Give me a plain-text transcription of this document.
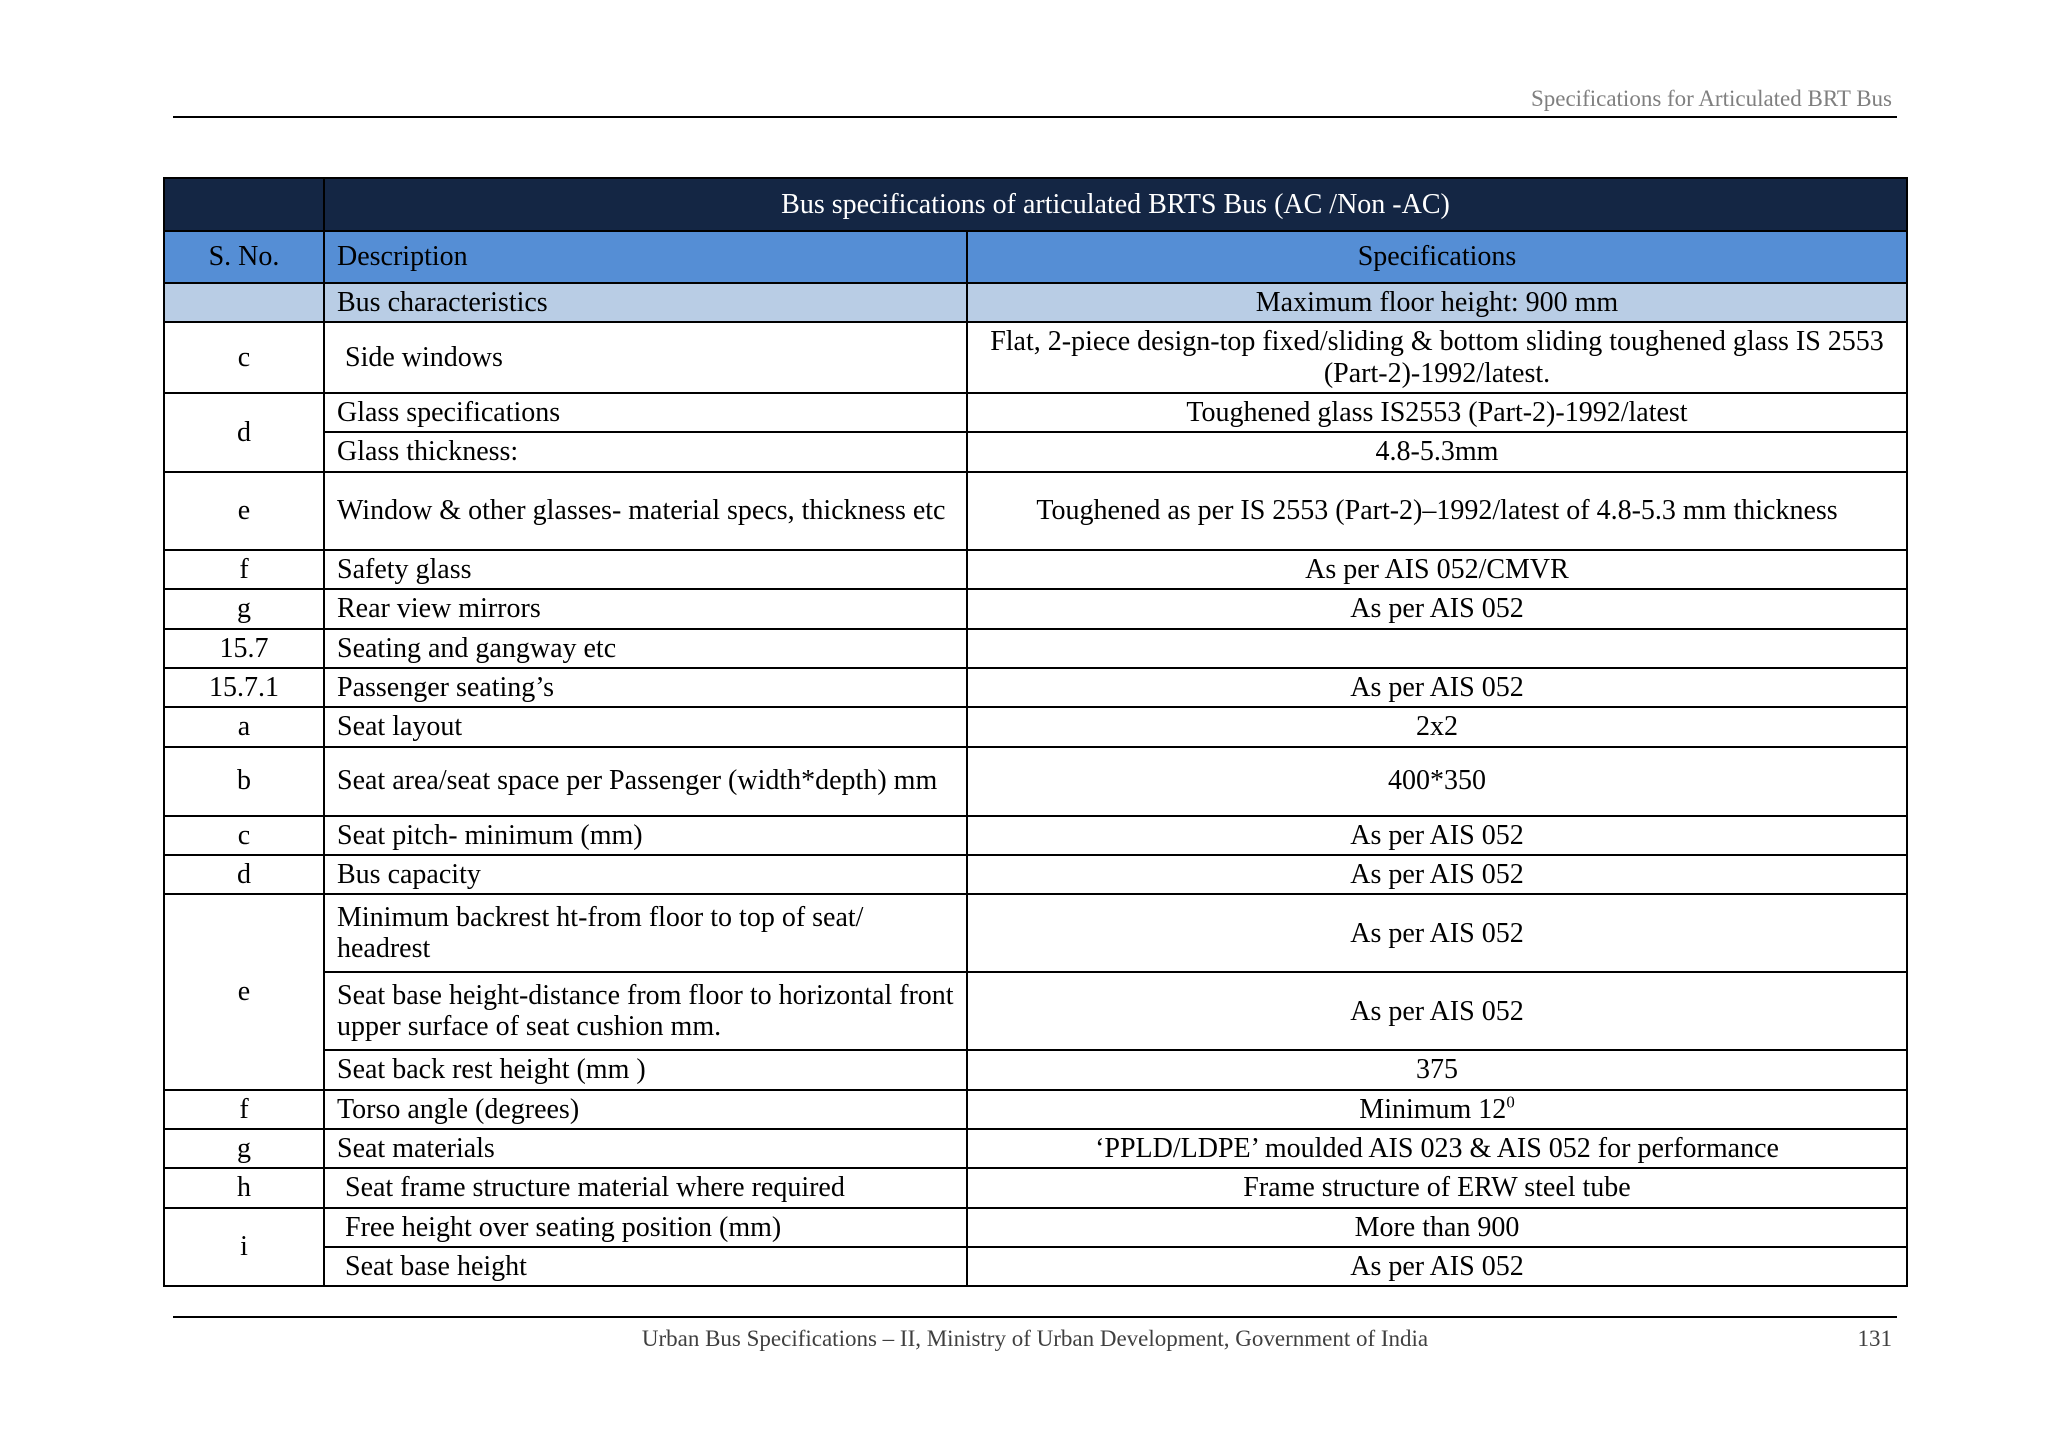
Specifications for Articulated BRT Bus
	Bus specifications of articulated BRTS Bus (AC /Non -AC)	
S. No.	Description	Specifications
	Bus characteristics	Maximum floor height: 900 mm
c	Side windows	Flat, 2-piece design-top fixed/sliding & bottom sliding toughened glass IS 2553 (Part-2)-1992/latest.
d	Glass specifications	Toughened glass IS2553 (Part-2)-1992/latest
	Glass thickness:	4.8-5.3mm
e	Window & other glasses- material specs, thickness etc	Toughened as per IS 2553 (Part-2)–1992/latest of 4.8-5.3 mm thickness
f	Safety glass	As per AIS 052/CMVR
g	Rear view mirrors	As per AIS 052
15.7	Seating and gangway etc	
15.7.1	Passenger seating’s	As per AIS 052
a	Seat layout	2x2
b	Seat area/seat space per Passenger (width*depth) mm	400*350
c	Seat pitch- minimum (mm)	As per AIS 052
d	Bus capacity	As per AIS 052
e	Minimum backrest ht-from floor to top of seat/ headrest	As per AIS 052
	Seat base height-distance from floor to horizontal front upper surface of seat cushion mm.	As per AIS 052
	Seat back rest height (mm )	375
f	Torso angle (degrees)	Minimum $12^0$
g	Seat materials	‘PPLD/LDPE’ moulded AIS 023 & AIS 052 for performance
h	Seat frame structure material where required	Frame structure of ERW steel tube
i	Free height over seating position (mm)	More than 900
	Seat base height	As per AIS 052
Urban Bus Specifications – II, Ministry of Urban Development, Government of India	131
